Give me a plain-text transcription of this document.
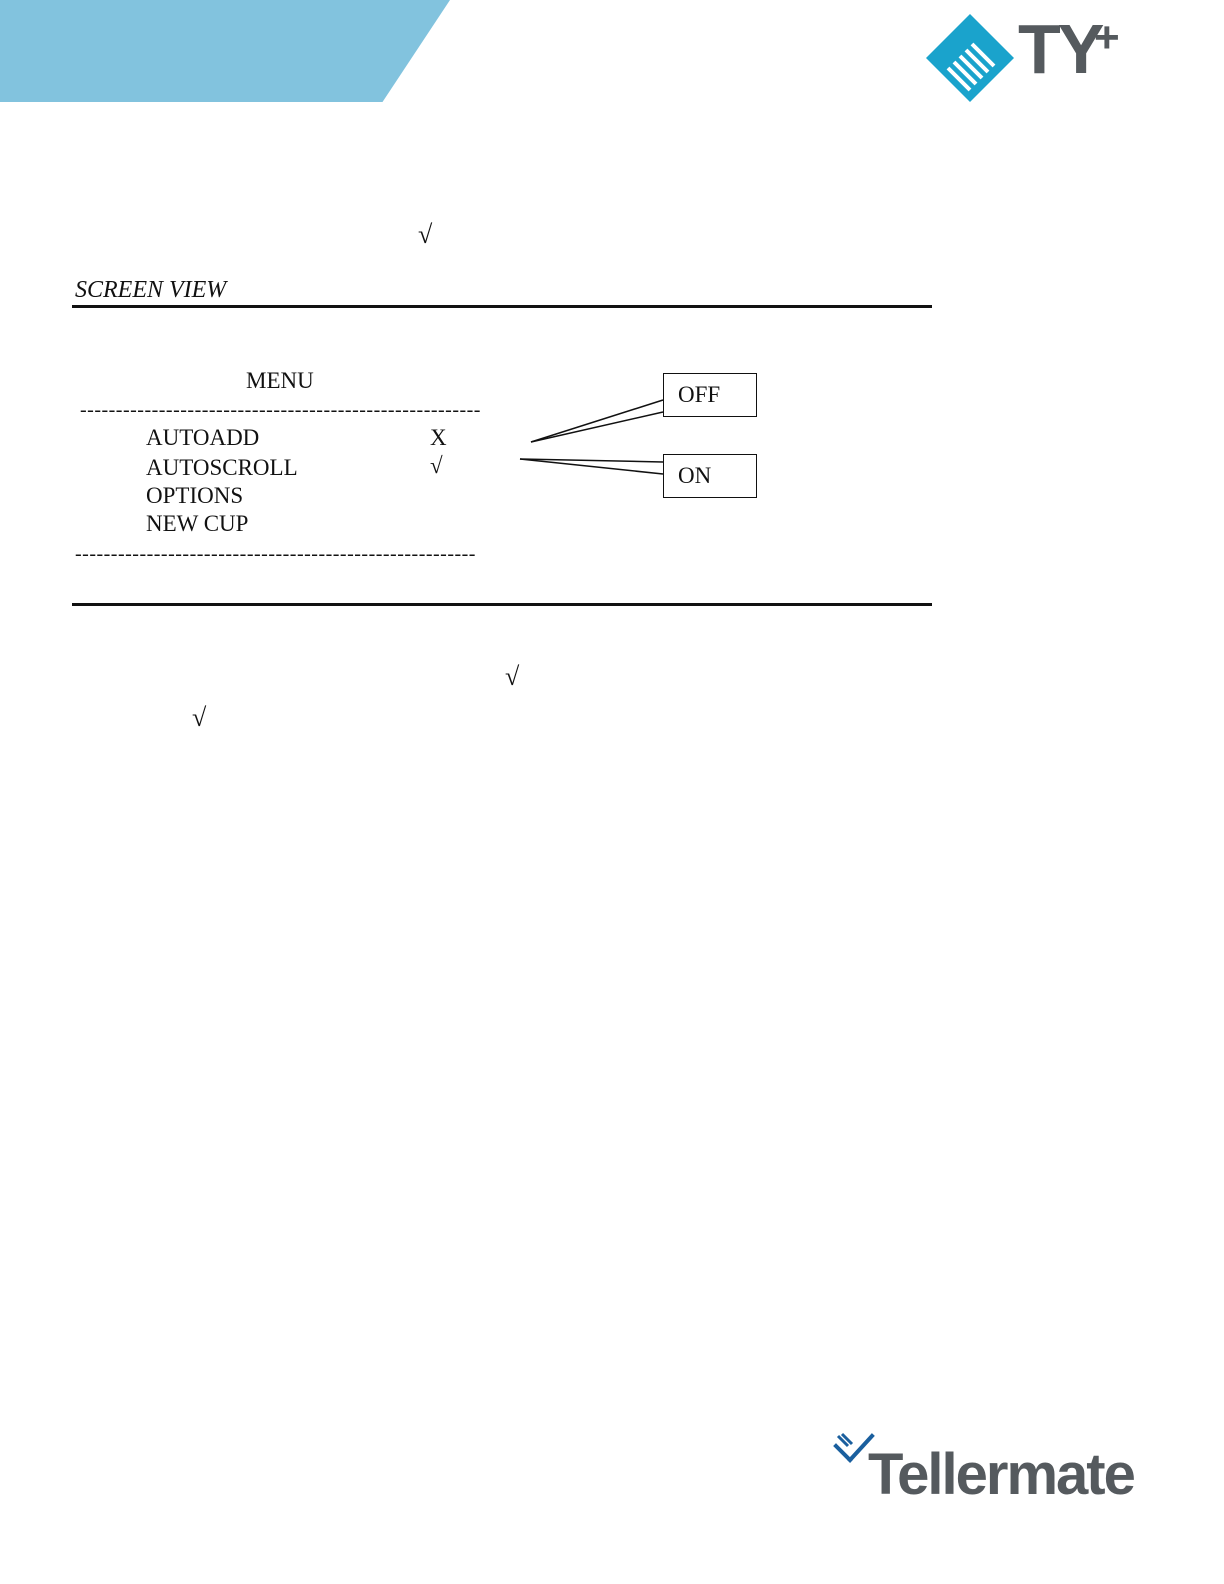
TY
+
√
SCREEN VIEW
MENU
--------------------------------------------------------
AUTOADD	X
AUTOSCROLL	√
OPTIONS
NEW CUP
--------------------------------------------------------
OFF
ON
√
√
Tellermate
